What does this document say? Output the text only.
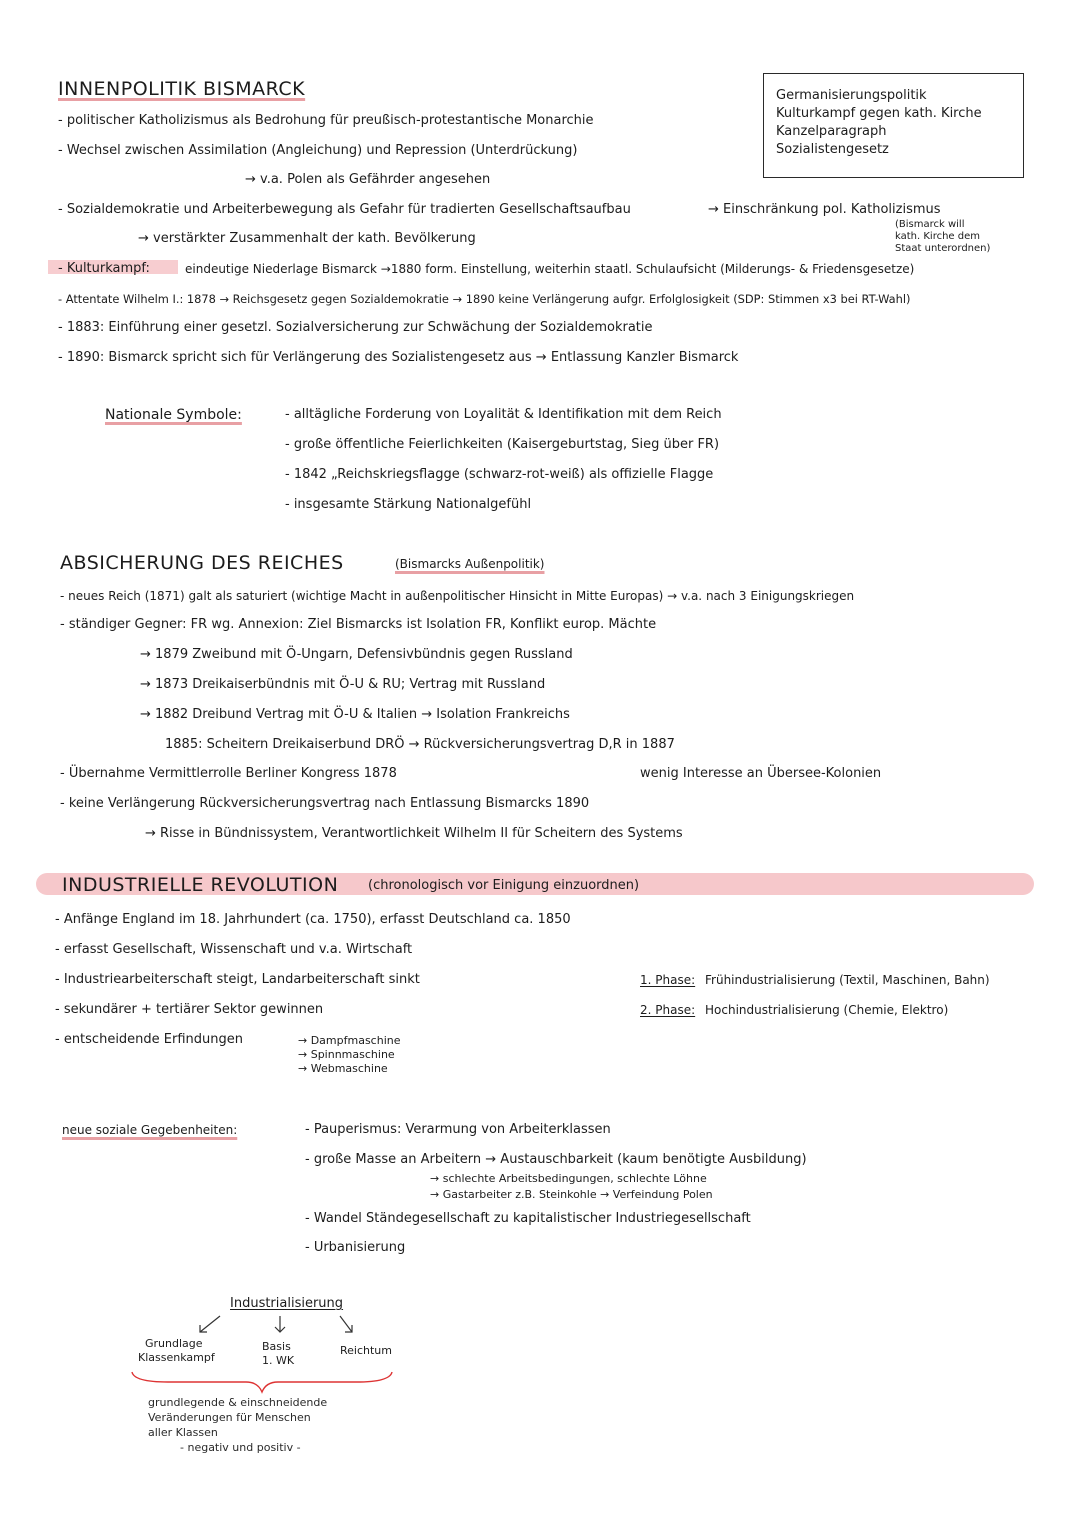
INNENPOLITIK BISMARCK
- politischer Katholizismus als Bedrohung für preußisch-protestantische Monarchie
- Wechsel zwischen Assimilation (Angleichung) und Repression (Unterdrückung)
→ v.a. Polen als Gefährder angesehen
- Sozialdemokratie und Arbeiterbewegung als Gefahr für tradierten Gesellschaftsaufbau	→ Einschränkung pol. Katholizismus
→ verstärkter Zusammenhalt der kath. Bevölkerung
- Kulturkampf:	eindeutige Niederlage Bismarck →1880 form. Einstellung, weiterhin staatl. Schulaufsicht (Milderungs- & Friedensgesetze)
- Attentate Wilhelm I.: 1878 → Reichsgesetz gegen Sozialdemokratie → 1890 keine Verlängerung aufgr. Erfolglosigkeit (SDP: Stimmen x3 bei RT-Wahl)
- 1883: Einführung einer gesetzl. Sozialversicherung zur Schwächung der Sozialdemokratie
- 1890: Bismarck spricht sich für Verlängerung des Sozialistengesetz aus → Entlassung Kanzler Bismarck
Germanisierungspolitik
Kulturkampf gegen kath. Kirche
Kanzelparagraph
Sozialistengesetz
(Bismarck will
kath. Kirche dem
Staat unterordnen)
Nationale Symbole:	- alltägliche Forderung von Loyalität & Identifikation mit dem Reich
- große öffentliche Feierlichkeiten (Kaisergeburtstag, Sieg über FR)
- 1842 „Reichskriegsflagge (schwarz-rot-weiß) als offizielle Flagge
- insgesamte Stärkung Nationalgefühl
ABSICHERUNG DES REICHES	(Bismarcks Außenpolitik)
- neues Reich (1871) galt als saturiert (wichtige Macht in außenpolitischer Hinsicht in Mitte Europas) → v.a. nach 3 Einigungskriegen
- ständiger Gegner: FR wg. Annexion: Ziel Bismarcks ist Isolation FR, Konflikt europ. Mächte
→ 1879 Zweibund mit Ö-Ungarn, Defensivbündnis gegen Russland
→ 1873 Dreikaiserbündnis mit Ö-U & RU; Vertrag mit Russland
→ 1882 Dreibund Vertrag mit Ö-U & Italien → Isolation Frankreichs
1885: Scheitern Dreikaiserbund DRÖ → Rückversicherungsvertrag D,R in 1887
- Übernahme Vermittlerrolle Berliner Kongress 1878	wenig Interesse an Übersee-Kolonien
- keine Verlängerung Rückversicherungsvertrag nach Entlassung Bismarcks 1890
→ Risse in Bündnissystem, Verantwortlichkeit Wilhelm II für Scheitern des Systems
INDUSTRIELLE REVOLUTION (chronologisch vor Einigung einzuordnen)
- Anfänge England im 18. Jahrhundert (ca. 1750), erfasst Deutschland ca. 1850
- erfasst Gesellschaft, Wissenschaft und v.a. Wirtschaft
- Industriearbeiterschaft steigt, Landarbeiterschaft sinkt
- sekundärer + tertiärer Sektor gewinnen
- entscheidende Erfindungen	→ Dampfmaschine
→ Spinnmaschine
→ Webmaschine
1. Phase: Frühindustrialisierung (Textil, Maschinen, Bahn)
2. Phase: Hochindustrialisierung (Chemie, Elektro)
neue soziale Gegebenheiten:	- Pauperismus: Verarmung von Arbeiterklassen
- große Masse an Arbeitern → Austauschbarkeit (kaum benötigte Ausbildung)
→ schlechte Arbeitsbedingungen, schlechte Löhne
→ Gastarbeiter z.B. Steinkohle → Verfeindung Polen
- Wandel Ständegesellschaft zu kapitalistischer Industriegesellschaft
- Urbanisierung
Industrialisierung
Grundlage
Klassenkampf
Basis
1. WK
Reichtum
grundlegende & einschneidende
Veränderungen für Menschen
aller Klassen
- negativ und positiv -
